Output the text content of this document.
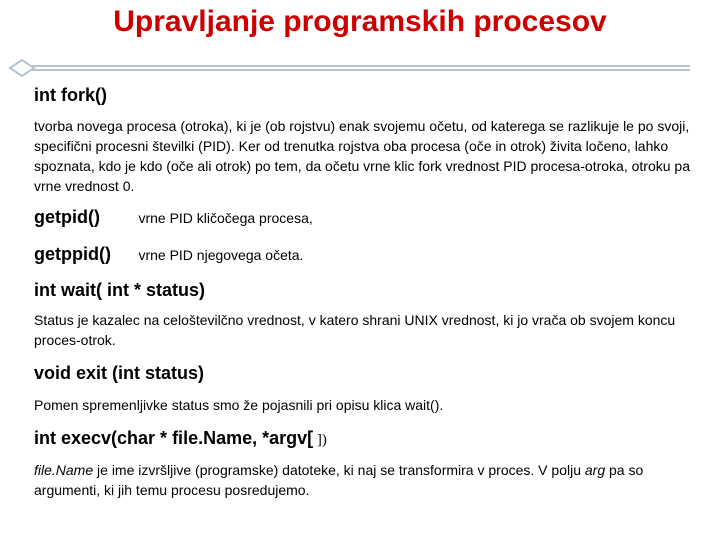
Upravljanje programskih procesov
int fork()
tvorba novega procesa (otroka), ki je (ob rojstvu) enak svojemu očetu, od katerega se razlikuje le po svoji, specifični procesni številki (PID). Ker od trenutka rojstva oba procesa (oče in otrok) živita ločeno, lahko spoznata, kdo je kdo (oče ali otrok) po tem, da očetu vrne klic fork vrednost PID procesa-otroka, otroku pa vrne vrednost 0.
getpid()	vrne PID kličočega procesa,
getppid() vrne PID njegovega očeta.
int wait( int * status)
Status je kazalec na celoštevilčno vrednost, v katero shrani UNIX vrednost, ki jo vrača ob svojem koncu proces-otrok.
void exit (int status)
Pomen spremenljivke status smo že pojasnili pri opisu klica wait().
int execv(char * file.Name, *argv[ ])
file.Name je ime izvršljive (programske) datoteke, ki naj se transformira v proces. V polju arg pa so argumenti, ki jih temu procesu posredujemo.
